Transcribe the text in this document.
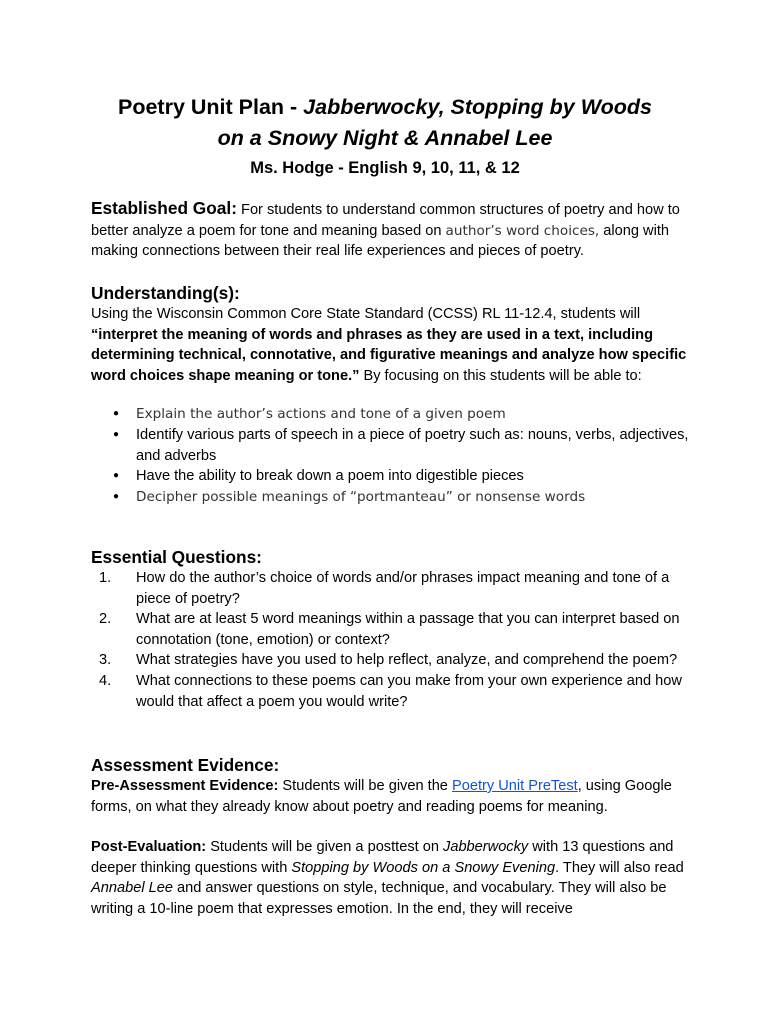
Poetry Unit Plan - Jabberwocky, Stopping by Woods
on a Snowy Night & Annabel Lee
Ms. Hodge - English 9, 10, 11, & 12
Established Goal: For students to understand common structures of poetry and how to better analyze a poem for tone and meaning based on author’s word choices, along with making connections between their real life experiences and pieces of poetry.
Understanding(s):
Using the Wisconsin Common Core State Standard (CCSS) RL 11-12.4, students will “interpret the meaning of words and phrases as they are used in a text, including determining technical, connotative, and figurative meanings and analyze how specific word choices shape meaning or tone.” By focusing on this students will be able to:
● Explain the author’s actions and tone of a given poem
● Identify various parts of speech in a piece of poetry such as: nouns, verbs, adjectives, and adverbs
● Have the ability to break down a poem into digestible pieces
● Decipher possible meanings of “portmanteau” or nonsense words
Essential Questions:
1. How do the author’s choice of words and/or phrases impact meaning and tone of a piece of poetry?
2. What are at least 5 word meanings within a passage that you can interpret based on connotation (tone, emotion) or context?
3. What strategies have you used to help reflect, analyze, and comprehend the poem?
4. What connections to these poems can you make from your own experience and how would that affect a poem you would write?
Assessment Evidence:
Pre-Assessment Evidence: Students will be given the Poetry Unit PreTest, using Google forms, on what they already know about poetry and reading poems for meaning.
Post-Evaluation: Students will be given a posttest on Jabberwocky with 13 questions and deeper thinking questions with Stopping by Woods on a Snowy Evening. They will also read Annabel Lee and answer questions on style, technique, and vocabulary. They will also be writing a 10-line poem that expresses emotion. In the end, they will receive
